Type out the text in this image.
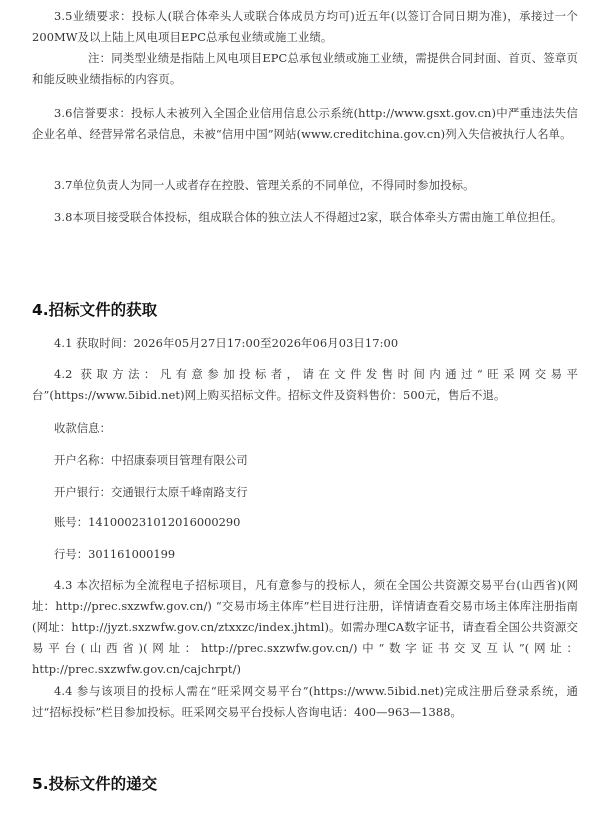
3.5业绩要求：投标人(联合体牵头人或联合体成员方均可)近五年(以签订合同日期为准)，承接过一个200MW及以上陆上风电项目EPC总承包业绩或施工业绩。

注：同类型业绩是指陆上风电项目EPC总承包业绩或施工业绩，需提供合同封面、首页、签章页和能反映业绩指标的内容页。

3.6信誉要求：投标人未被列入全国企业信用信息公示系统(http://www.gsxt.gov.cn)中严重违法失信企业名单、经营异常名录信息，未被“信用中国”网站(www.creditchina.gov.cn)列入失信被执行人名单。

3.7单位负责人为同一人或者存在控股、管理关系的不同单位，不得同时参加投标。

3.8本项目接受联合体投标，组成联合体的独立法人不得超过2家，联合体牵头方需由施工单位担任。

4.招标文件的获取

4.1 获取时间：2026年05月27日17:00至2026年06月03日17:00

4.2 获取方法：凡有意参加投标者，请在文件发售时间内通过“旺采网交易平台”(https://www.5ibid.net)网上购买招标文件。招标文件及资料售价：500元，售后不退。

收款信息：

开户名称：中招康泰项目管理有限公司

开户银行：交通银行太原千峰南路支行

账号：141000231012016000290

行号：301161000199

4.3 本次招标为全流程电子招标项目，凡有意参与的投标人，须在全国公共资源交易平台(山西省)(网址：http://prec.sxzwfw.gov.cn/) “交易市场主体库”栏目进行注册，详情请查看交易市场主体库注册指南(网址：http://jyzt.sxzwfw.gov.cn/ztxxzc/index.jhtml)。如需办理CA数字证书，请查看全国公共资源交易平台(山西省)(网址：http://prec.sxzwfw.gov.cn/)中“数字证书交叉互认”(网址：http://prec.sxzwfw.gov.cn/cajchrpt/)

4.4 参与该项目的投标人需在“旺采网交易平台”(https://www.5ibid.net)完成注册后登录系统，通过“招标投标”栏目参加投标。旺采网交易平台投标人咨询电话：400—963—1388。

5.投标文件的递交
